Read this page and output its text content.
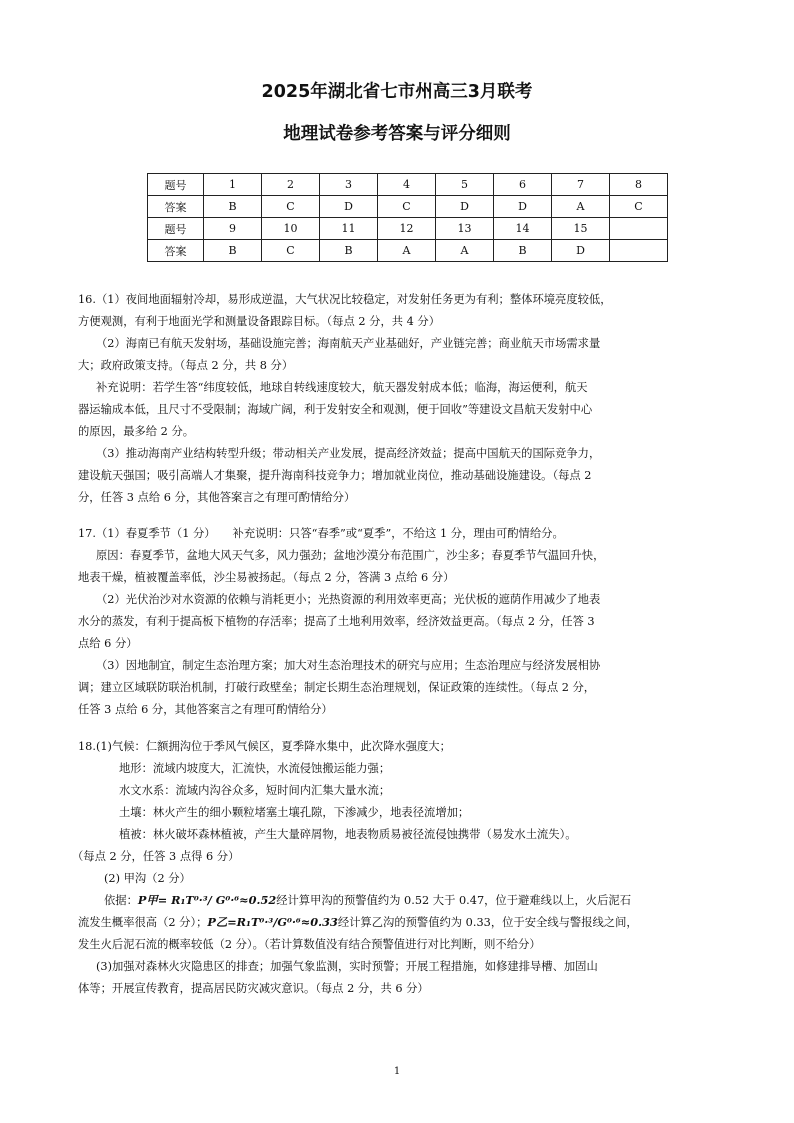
2025年湖北省七市州高三3月联考
地理试卷参考答案与评分细则
题号	1	2	3	4	5	6	7	8
答案	B	C	D	C	D	D	A	C
题号	9	10	11	12	13	14	15	
答案	B	C	B	A	A	B	D	
16.（1）夜间地面辐射冷却，易形成逆温，大气状况比较稳定，对发射任务更为有利；整体环境亮度较低，
方便观测，有利于地面光学和测量设备跟踪目标。（每点 2 分，共 4 分）
（2）海南已有航天发射场，基础设施完善；海南航天产业基础好，产业链完善；商业航天市场需求量
大；政府政策支持。（每点 2 分，共 8 分）
补充说明：若学生答“纬度较低，地球自转线速度较大，航天器发射成本低；临海，海运便利，航天
器运输成本低，且尺寸不受限制；海域广阔，利于发射安全和观测，便于回收”等建设文昌航天发射中心
的原因，最多给 2 分。
（3）推动海南产业结构转型升级；带动相关产业发展，提高经济效益；提高中国航天的国际竞争力，
建设航天强国；吸引高端人才集聚，提升海南科技竞争力；增加就业岗位，推动基础设施建设。（每点 2
分，任答 3 点给 6 分，其他答案言之有理可酌情给分）
17.（1）春夏季节（1 分）　　补充说明：只答“春季”或“夏季”，不给这 1 分，理由可酌情给分。
原因：春夏季节，盆地大风天气多，风力强劲；盆地沙漠分布范围广，沙尘多；春夏季节气温回升快，
地表干燥，植被覆盖率低，沙尘易被扬起。（每点 2 分，答满 3 点给 6 分）
（2）光伏治沙对水资源的依赖与消耗更小；光热资源的利用效率更高；光伏板的遮荫作用减少了地表
水分的蒸发，有利于提高板下植物的存活率；提高了土地利用效率，经济效益更高。（每点 2 分，任答 3
点给 6 分）
（3）因地制宜，制定生态治理方案；加大对生态治理技术的研究与应用；生态治理应与经济发展相协
调；建立区域联防联治机制，打破行政壁垒；制定长期生态治理规划，保证政策的连续性。（每点 2 分，
任答 3 点给 6 分，其他答案言之有理可酌情给分）
18.(1)气候：仁额拥沟位于季风气候区，夏季降水集中，此次降水强度大；
地形：流域内坡度大，汇流快，水流侵蚀搬运能力强；
水文水系：流域内沟谷众多，短时间内汇集大量水流；
土壤：林火产生的细小颗粒堵塞土壤孔隙，下渗减少，地表径流增加；
植被：林火破坏森林植被，产生大量碎屑物，地表物质易被径流侵蚀携带（易发水土流失）。
（每点 2 分，任答 3 点得 6 分）
(2) 甲沟（2 分）
依据：P甲= R₁T⁰·³/ G⁰·⁶≈0.52经计算甲沟的预警值约为 0.52 大于 0.47，位于避难线以上，火后泥石
流发生概率很高（2 分）；P乙=R₁T⁰·³/G⁰·⁶≈0.33经计算乙沟的预警值约为 0.33，位于安全线与警报线之间，
发生火后泥石流的概率较低（2 分）。（若计算数值没有结合预警值进行对比判断，则不给分）
(3)加强对森林火灾隐患区的排查；加强气象监测，实时预警；开展工程措施，如修建排导槽、加固山
体等；开展宣传教育，提高居民防灾减灾意识。（每点 2 分，共 6 分）
1
